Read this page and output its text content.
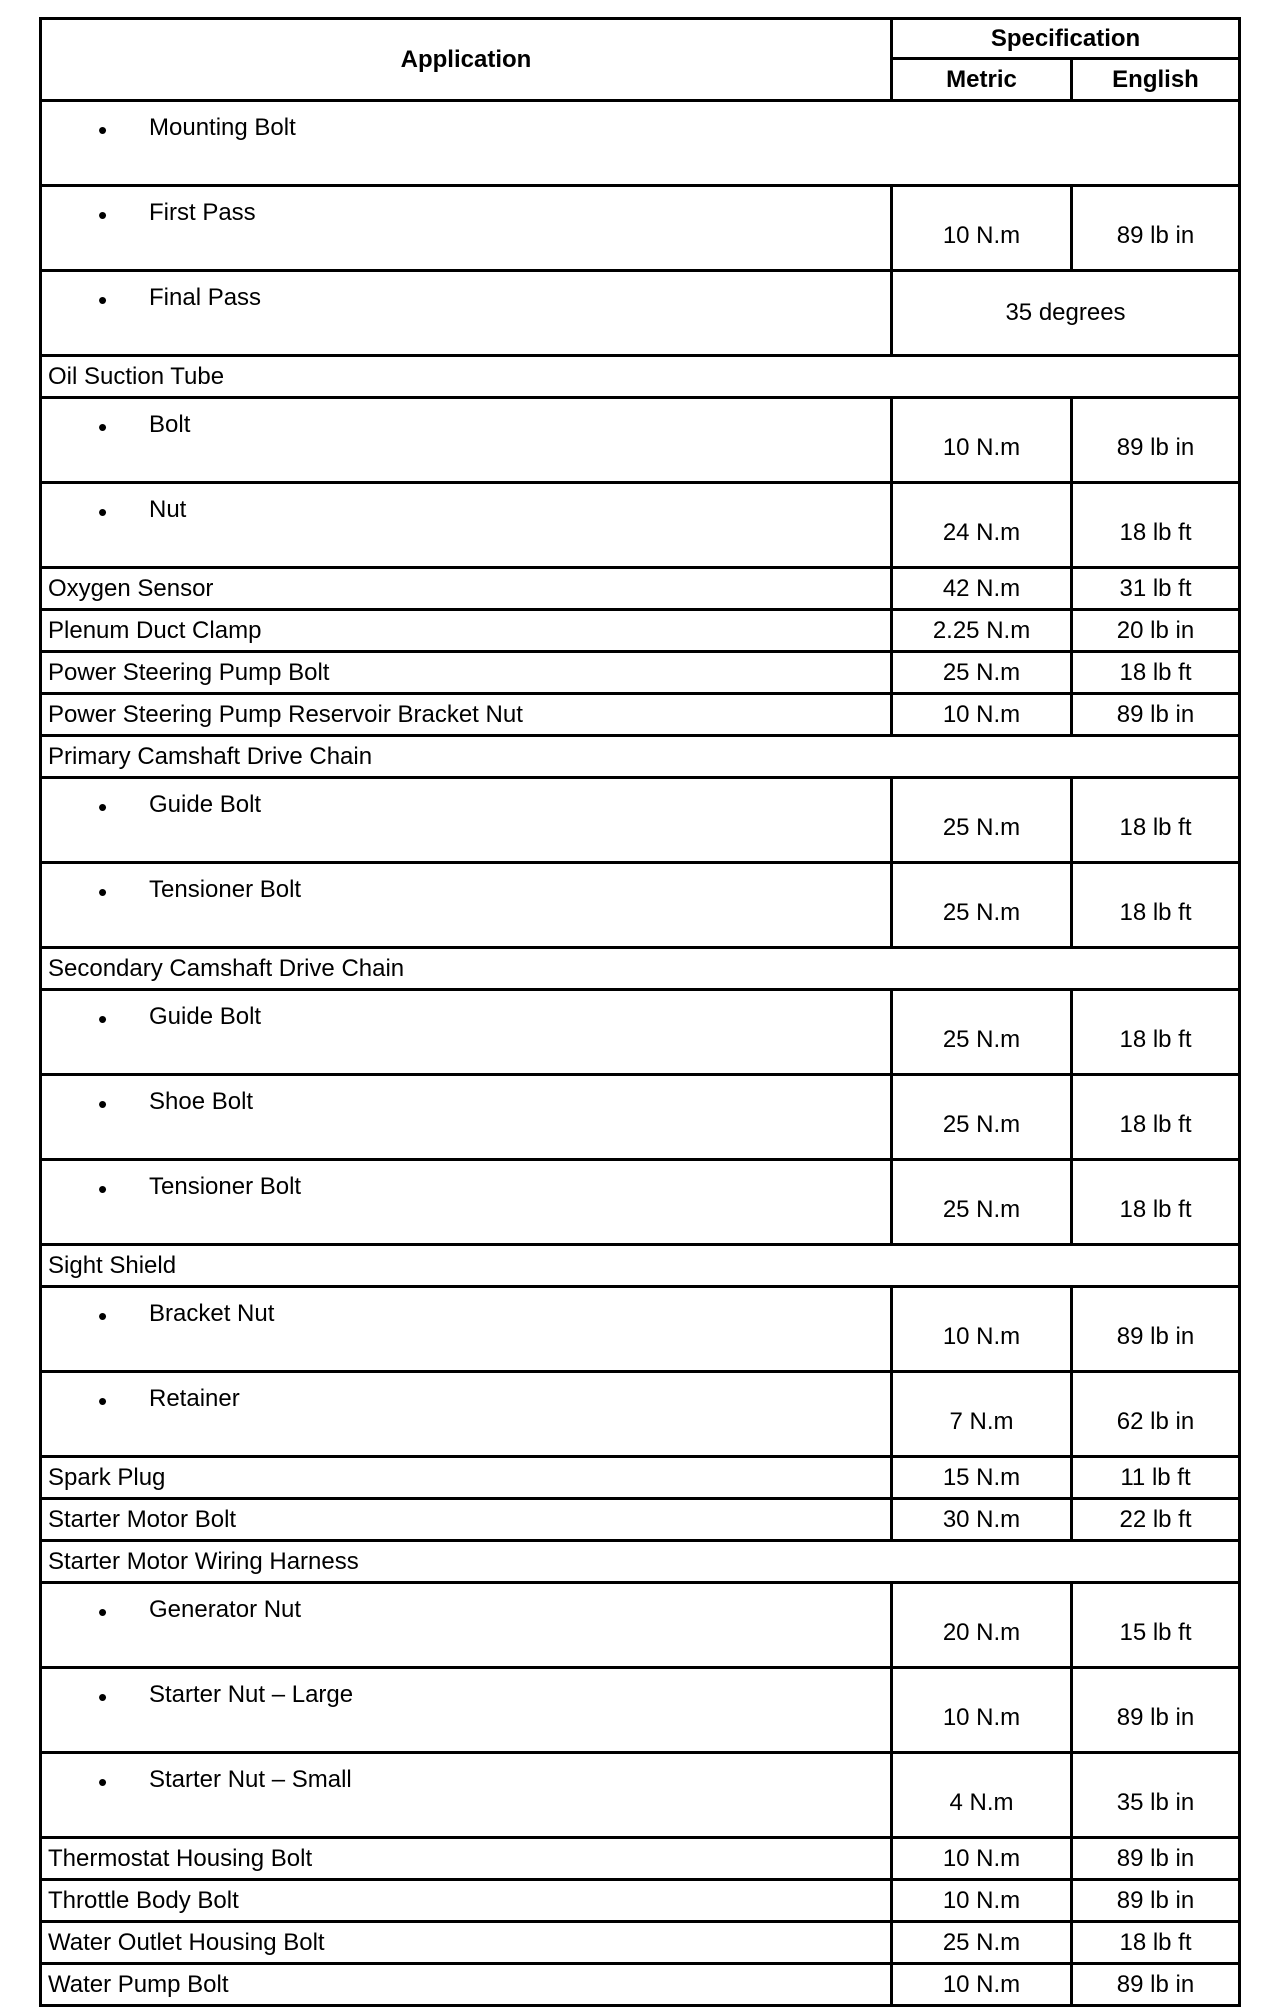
Application	Specification	
	Metric	English

• Mounting Bolt		

• First Pass	10 N.m	89 lb in

• Final Pass	35 degrees	
Oil Suction Tube		

• Bolt	10 N.m	89 lb in

• Nut	24 N.m	18 lb ft
Oxygen Sensor	42 N.m	31 lb ft
Plenum Duct Clamp	2.25 N.m	20 lb in
Power Steering Pump Bolt	25 N.m	18 lb ft
Power Steering Pump Reservoir Bracket Nut	10 N.m	89 lb in
Primary Camshaft Drive Chain		

• Guide Bolt	25 N.m	18 lb ft

• Tensioner Bolt	25 N.m	18 lb ft
Secondary Camshaft Drive Chain		

• Guide Bolt	25 N.m	18 lb ft

• Shoe Bolt	25 N.m	18 lb ft

• Tensioner Bolt	25 N.m	18 lb ft
Sight Shield		

• Bracket Nut	10 N.m	89 lb in

• Retainer	7 N.m	62 lb in
Spark Plug	15 N.m	11 lb ft
Starter Motor Bolt	30 N.m	22 lb ft
Starter Motor Wiring Harness		

• Generator Nut	20 N.m	15 lb ft

• Starter Nut – Large	10 N.m	89 lb in

• Starter Nut – Small	4 N.m	35 lb in
Thermostat Housing Bolt	10 N.m	89 lb in
Throttle Body Bolt	10 N.m	89 lb in
Water Outlet Housing Bolt	25 N.m	18 lb ft
Water Pump Bolt	10 N.m	89 lb in
